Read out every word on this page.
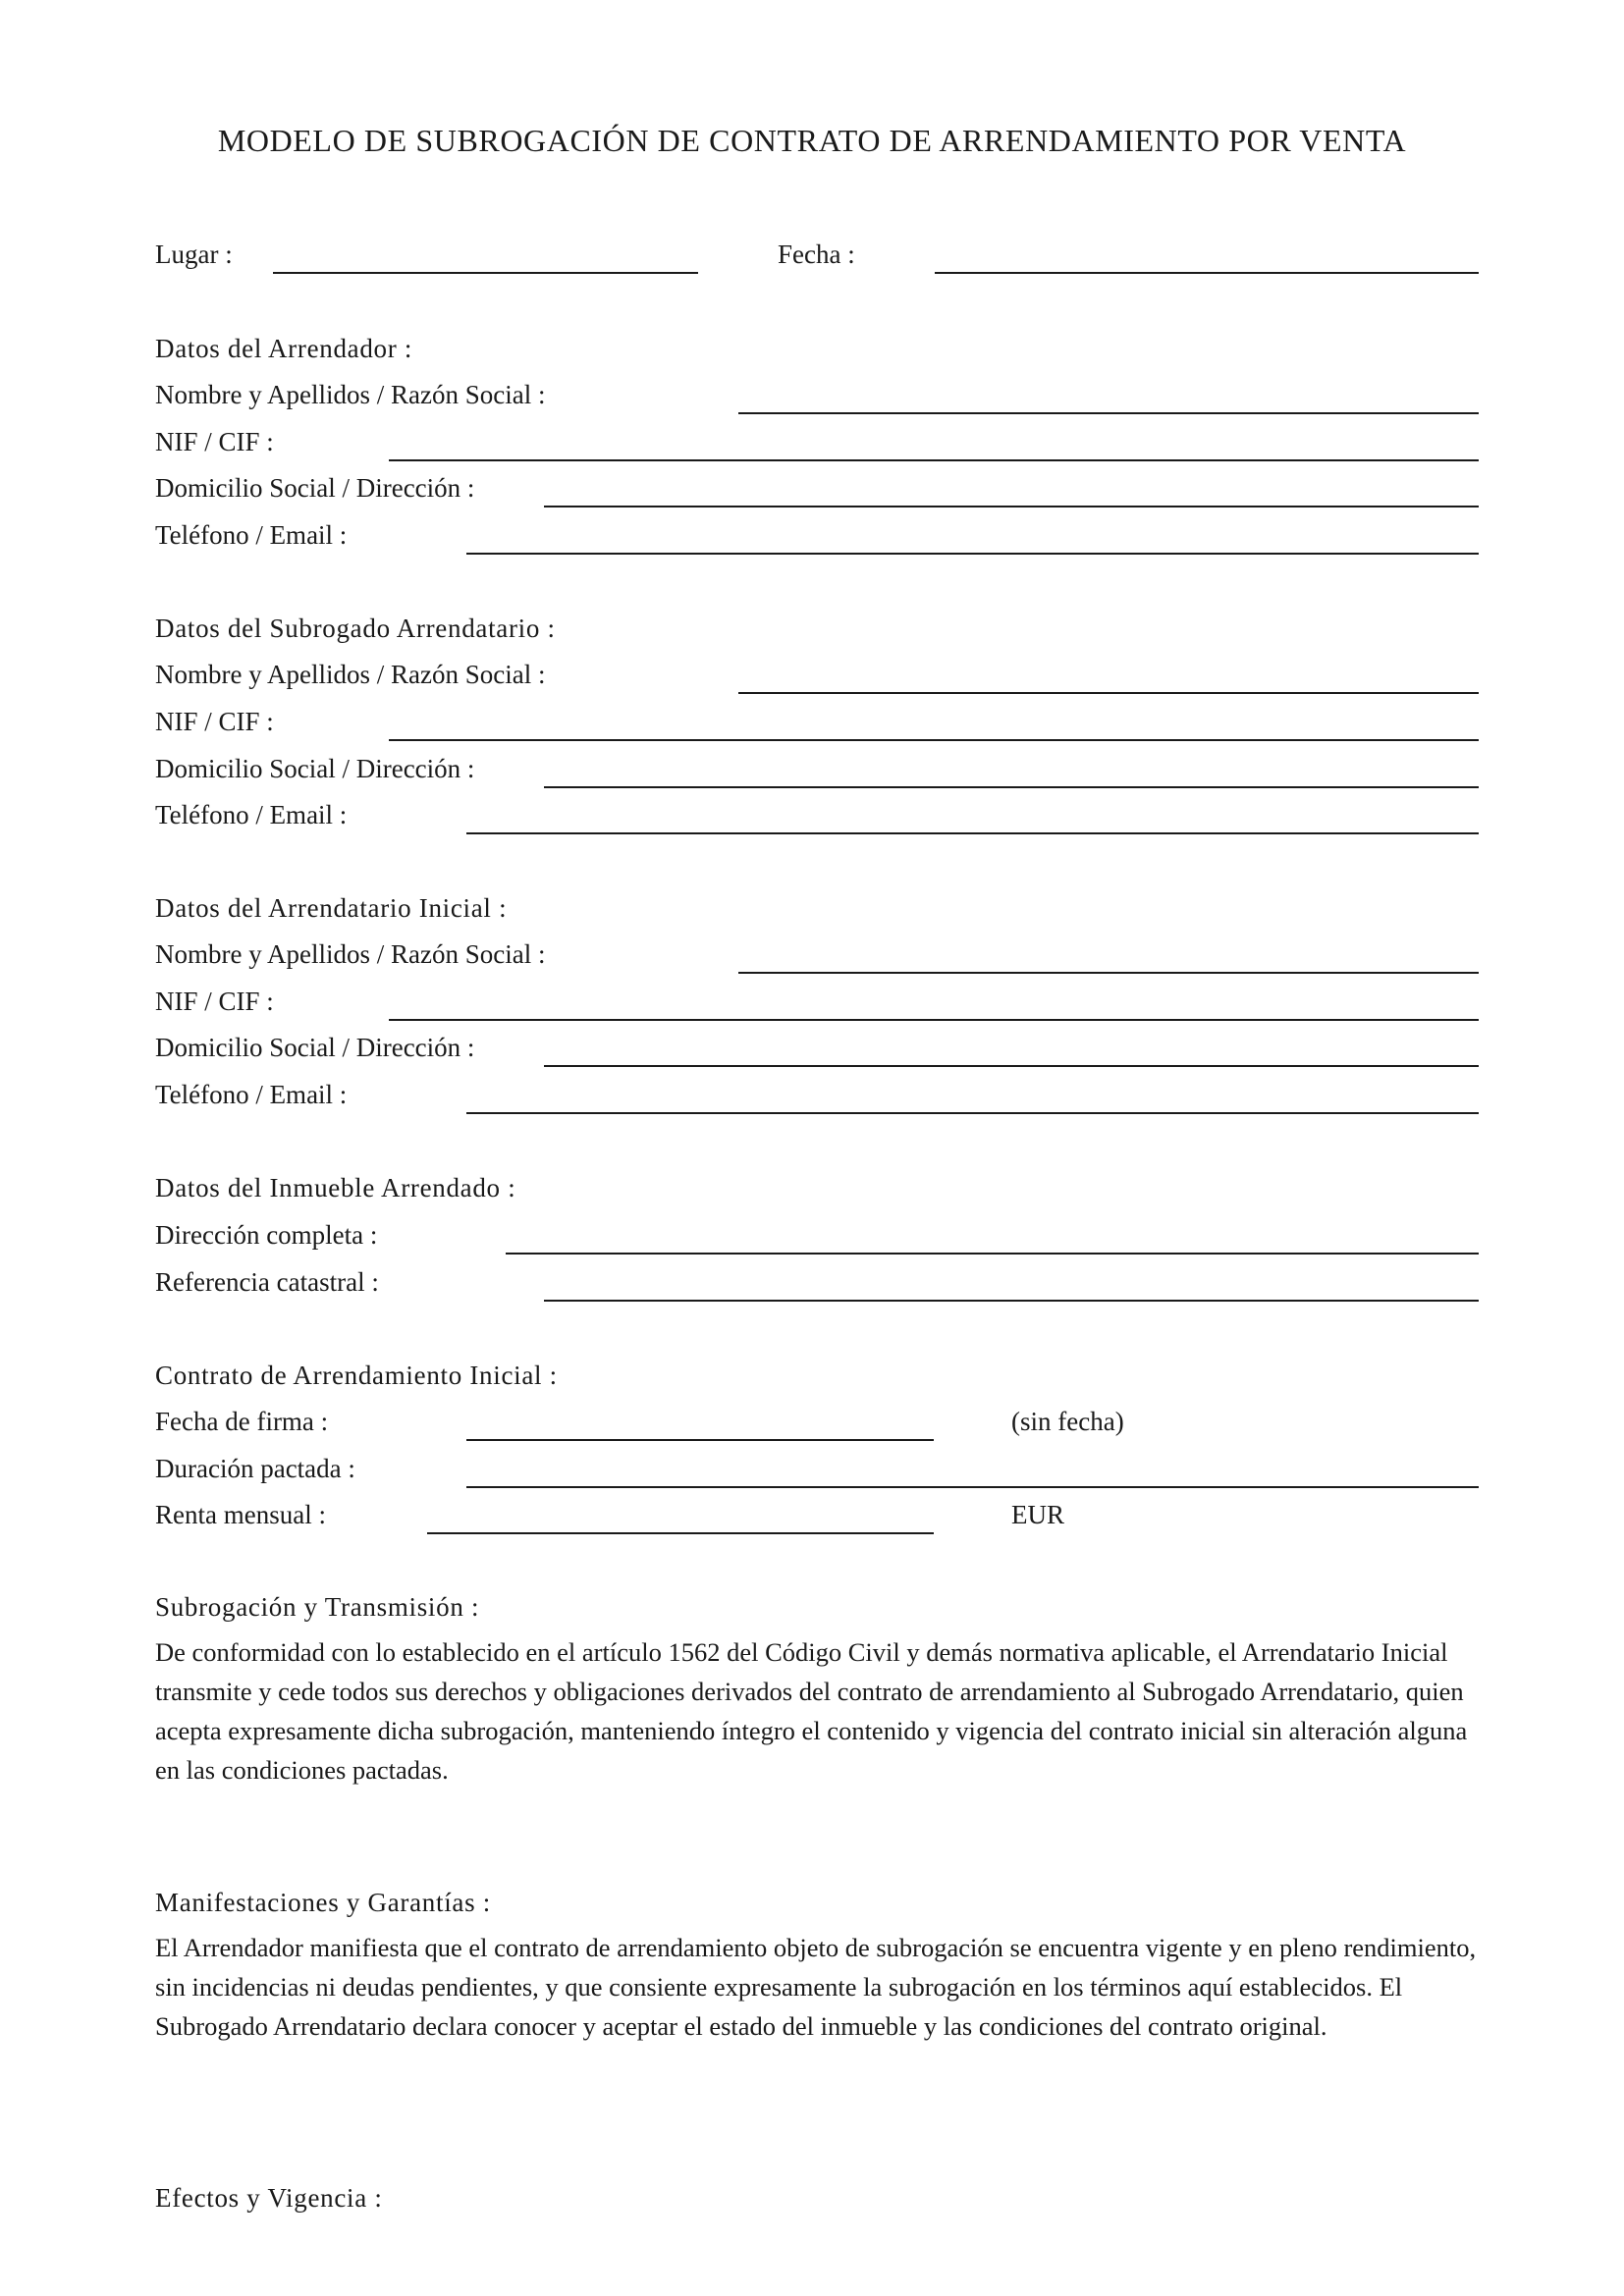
MODELO DE SUBROGACIÓN DE CONTRATO DE ARRENDAMIENTO POR VENTA
Lugar :	Fecha :
Datos del Arrendador :
Nombre y Apellidos / Razón Social :
NIF / CIF :
Domicilio Social / Dirección :
Teléfono / Email :
Datos del Subrogado Arrendatario :
Nombre y Apellidos / Razón Social :
NIF / CIF :
Domicilio Social / Dirección :
Teléfono / Email :
Datos del Arrendatario Inicial :
Nombre y Apellidos / Razón Social :
NIF / CIF :
Domicilio Social / Dirección :
Teléfono / Email :
Datos del Inmueble Arrendado :
Dirección completa :
Referencia catastral :
Contrato de Arrendamiento Inicial :
Fecha de firma :	(sin fecha)
Duración pactada :
Renta mensual :	EUR
Subrogación y Transmisión :
De conformidad con lo establecido en el artículo 1562 del Código Civil y demás normativa aplicable, el Arrendatario Inicial transmite y cede todos sus derechos y obligaciones derivados del contrato de arrendamiento al Subrogado Arrendatario, quien acepta expresamente dicha subrogación, manteniendo íntegro el contenido y vigencia del contrato inicial sin alteración alguna en las condiciones pactadas.
Manifestaciones y Garantías :
El Arrendador manifiesta que el contrato de arrendamiento objeto de subrogación se encuentra vigente y en pleno rendimiento, sin incidencias ni deudas pendientes, y que consiente expresamente la subrogación en los términos aquí establecidos. El Subrogado Arrendatario declara conocer y aceptar el estado del inmueble y las condiciones del contrato original.
Efectos y Vigencia :
